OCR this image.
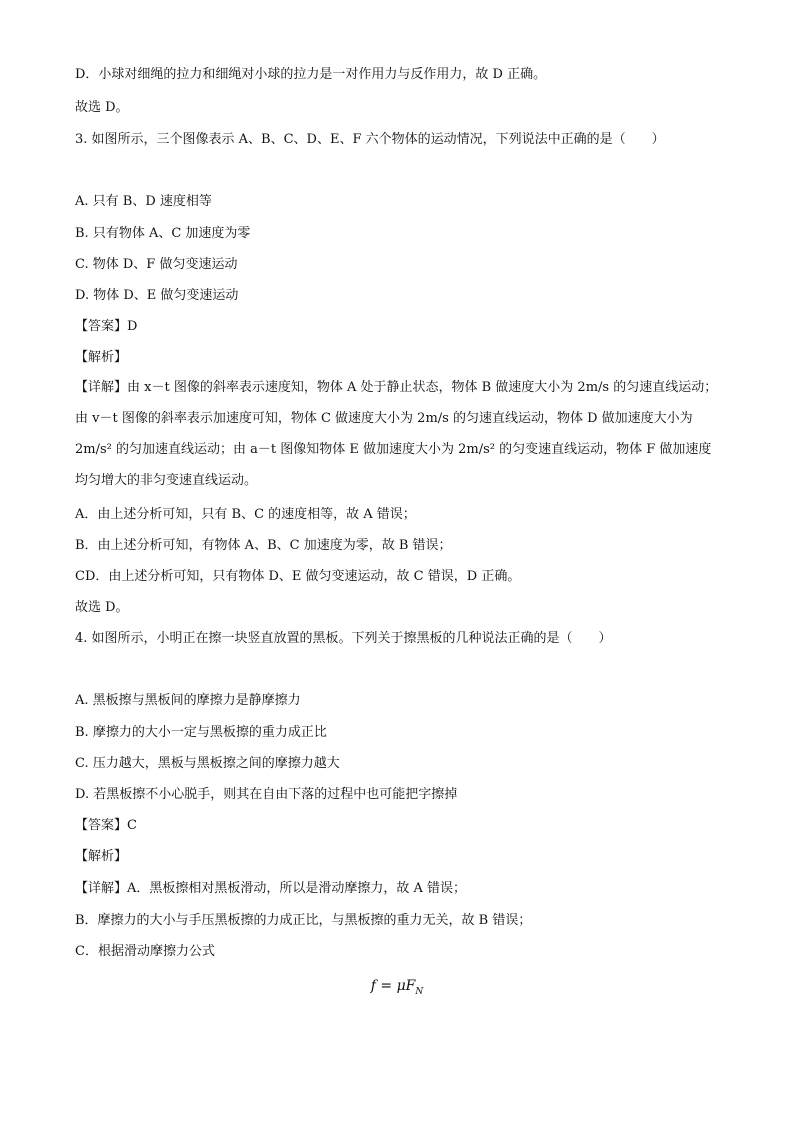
D．小球对细绳的拉力和细绳对小球的拉力是一对作用力与反作用力，故 D 正确。
故选 D。
3. 如图所示，三个图像表示 A、B、C、D、E、F 六个物体的运动情况，下列说法中正确的是（　　）
A. 只有 B、D 速度相等
B. 只有物体 A、C 加速度为零
C. 物体 D、F 做匀变速运动
D. 物体 D、E 做匀变速运动
【答案】D
【解析】
【详解】由 x－t 图像的斜率表示速度知，物体 A 处于静止状态，物体 B 做速度大小为 2m/s 的匀速直线运动；由 v－t 图像的斜率表示加速度可知，物体 C 做速度大小为 2m/s 的匀速直线运动，物体 D 做加速度大小为 2m/s² 的匀加速直线运动；由 a－t 图像知物体 E 做加速度大小为 2m/s² 的匀变速直线运动，物体 F 做加速度均匀增大的非匀变速直线运动。
A．由上述分析可知，只有 B、C 的速度相等，故 A 错误；
B．由上述分析可知，有物体 A、B、C 加速度为零，故 B 错误；
CD．由上述分析可知，只有物体 D、E 做匀变速运动，故 C 错误，D 正确。
故选 D。
4. 如图所示，小明正在擦一块竖直放置的黑板。下列关于擦黑板的几种说法正确的是（　　）
A. 黑板擦与黑板间的摩擦力是静摩擦力
B. 摩擦力的大小一定与黑板擦的重力成正比
C. 压力越大，黑板与黑板擦之间的摩擦力越大
D. 若黑板擦不小心脱手，则其在自由下落的过程中也可能把字擦掉
【答案】C
【解析】
【详解】A．黑板擦相对黑板滑动，所以是滑动摩擦力，故 A 错误；
B．摩擦力的大小与手压黑板擦的力成正比，与黑板擦的重力无关，故 B 错误；
C．根据滑动摩擦力公式
$f = \mu F_N$
